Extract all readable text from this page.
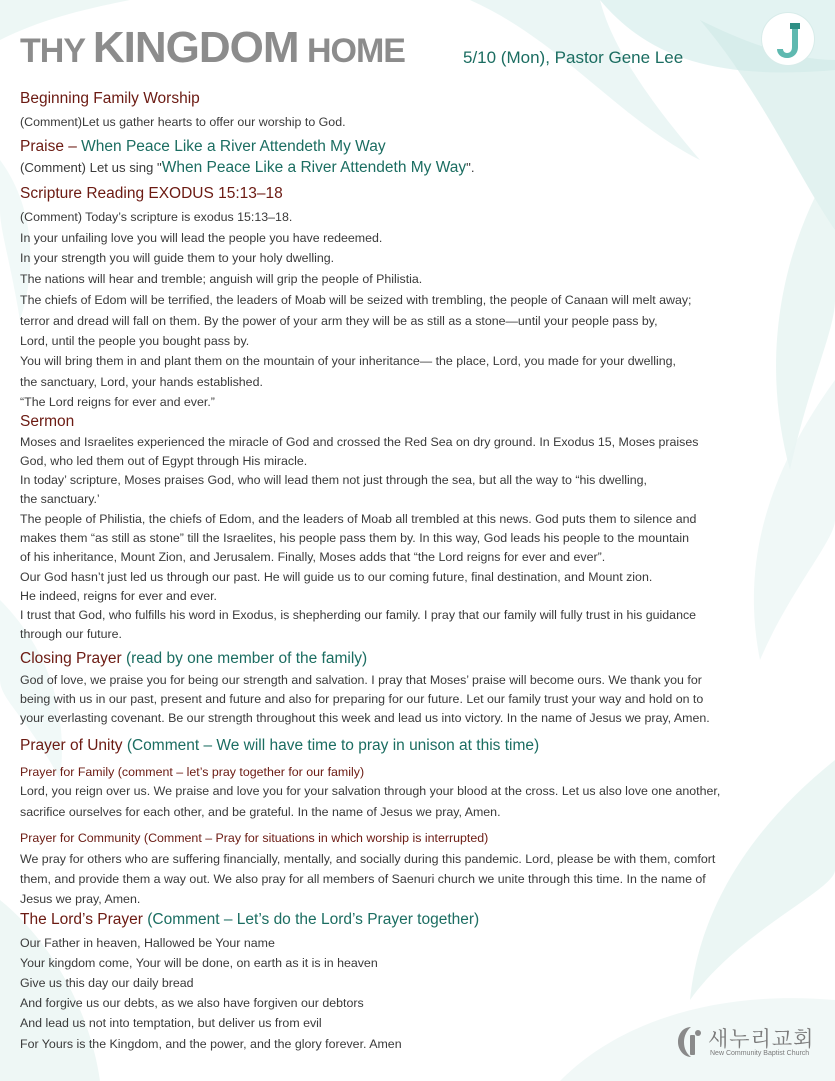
THY KINGDOM HOME	5/10 (Mon), Pastor Gene Lee
Beginning Family Worship
(Comment)Let us gather hearts to offer our worship to God.
Praise – When Peace Like a River Attendeth My Way
(Comment) Let us sing "When Peace Like a River Attendeth My Way".
Scripture Reading EXODUS 15:13–18
(Comment) Today’s scripture is exodus 15:13–18.
In your unfailing love you will lead the people you have redeemed.
In your strength you will guide them to your holy dwelling.
The nations will hear and tremble; anguish will grip the people of Philistia.
The chiefs of Edom will be terrified, the leaders of Moab will be seized with trembling, the people of Canaan will melt away;
terror and dread will fall on them. By the power of your arm they will be as still as a stone—until your people pass by,
Lord, until the people you bought pass by.
You will bring them in and plant them on the mountain of your inheritance— the place, Lord, you made for your dwelling,
the sanctuary, Lord, your hands established.
“The Lord reigns for ever and ever.”
Sermon
Moses and Israelites experienced the miracle of God and crossed the Red Sea on dry ground. In Exodus 15, Moses praises
God, who led them out of Egypt through His miracle.
In today’ scripture, Moses praises God, who will lead them not just through the sea, but all the way to “his dwelling,
the sanctuary.’
The people of Philistia, the chiefs of Edom, and the leaders of Moab all trembled at this news. God puts them to silence and
makes them “as still as stone” till the Israelites, his people pass them by. In this way, God leads his people to the mountain
of his inheritance, Mount Zion, and Jerusalem. Finally, Moses adds that “the Lord reigns for ever and ever”.
Our God hasn’t just led us through our past. He will guide us to our coming future, final destination, and Mount zion.
He indeed, reigns for ever and ever.
I trust that God, who fulfills his word in Exodus, is shepherding our family. I pray that our family will fully trust in his guidance
through our future.
Closing Prayer (read by one member of the family)
God of love, we praise you for being our strength and salvation. I pray that Moses’ praise will become ours. We thank you for
being with us in our past, present and future and also for preparing for our future. Let our family trust your way and hold on to
your everlasting covenant. Be our strength throughout this week and lead us into victory. In the name of Jesus we pray, Amen.
Prayer of Unity (Comment – We will have time to pray in unison at this time)
Prayer for Family (comment – let’s pray together for our family)
Lord, you reign over us. We praise and love you for your salvation through your blood at the cross. Let us also love one another,
sacrifice ourselves for each other, and be grateful. In the name of Jesus we pray, Amen.
Prayer for Community (Comment – Pray for situations in which worship is interrupted)
We pray for others who are suffering financially, mentally, and socially during this pandemic. Lord, please be with them, comfort
them, and provide them a way out. We also pray for all members of Saenuri church we unite through this time. In the name of
Jesus we pray, Amen.
The Lord’s Prayer (Comment – Let’s do the Lord’s Prayer together)
Our Father in heaven, Hallowed be Your name
Your kingdom come, Your will be done, on earth as it is in heaven
Give us this day our daily bread
And forgive us our debts, as we also have forgiven our debtors
And lead us not into temptation, but deliver us from evil
For Yours is the Kingdom, and the power, and the glory forever. Amen	새누리교회
New Community Baptist Church
